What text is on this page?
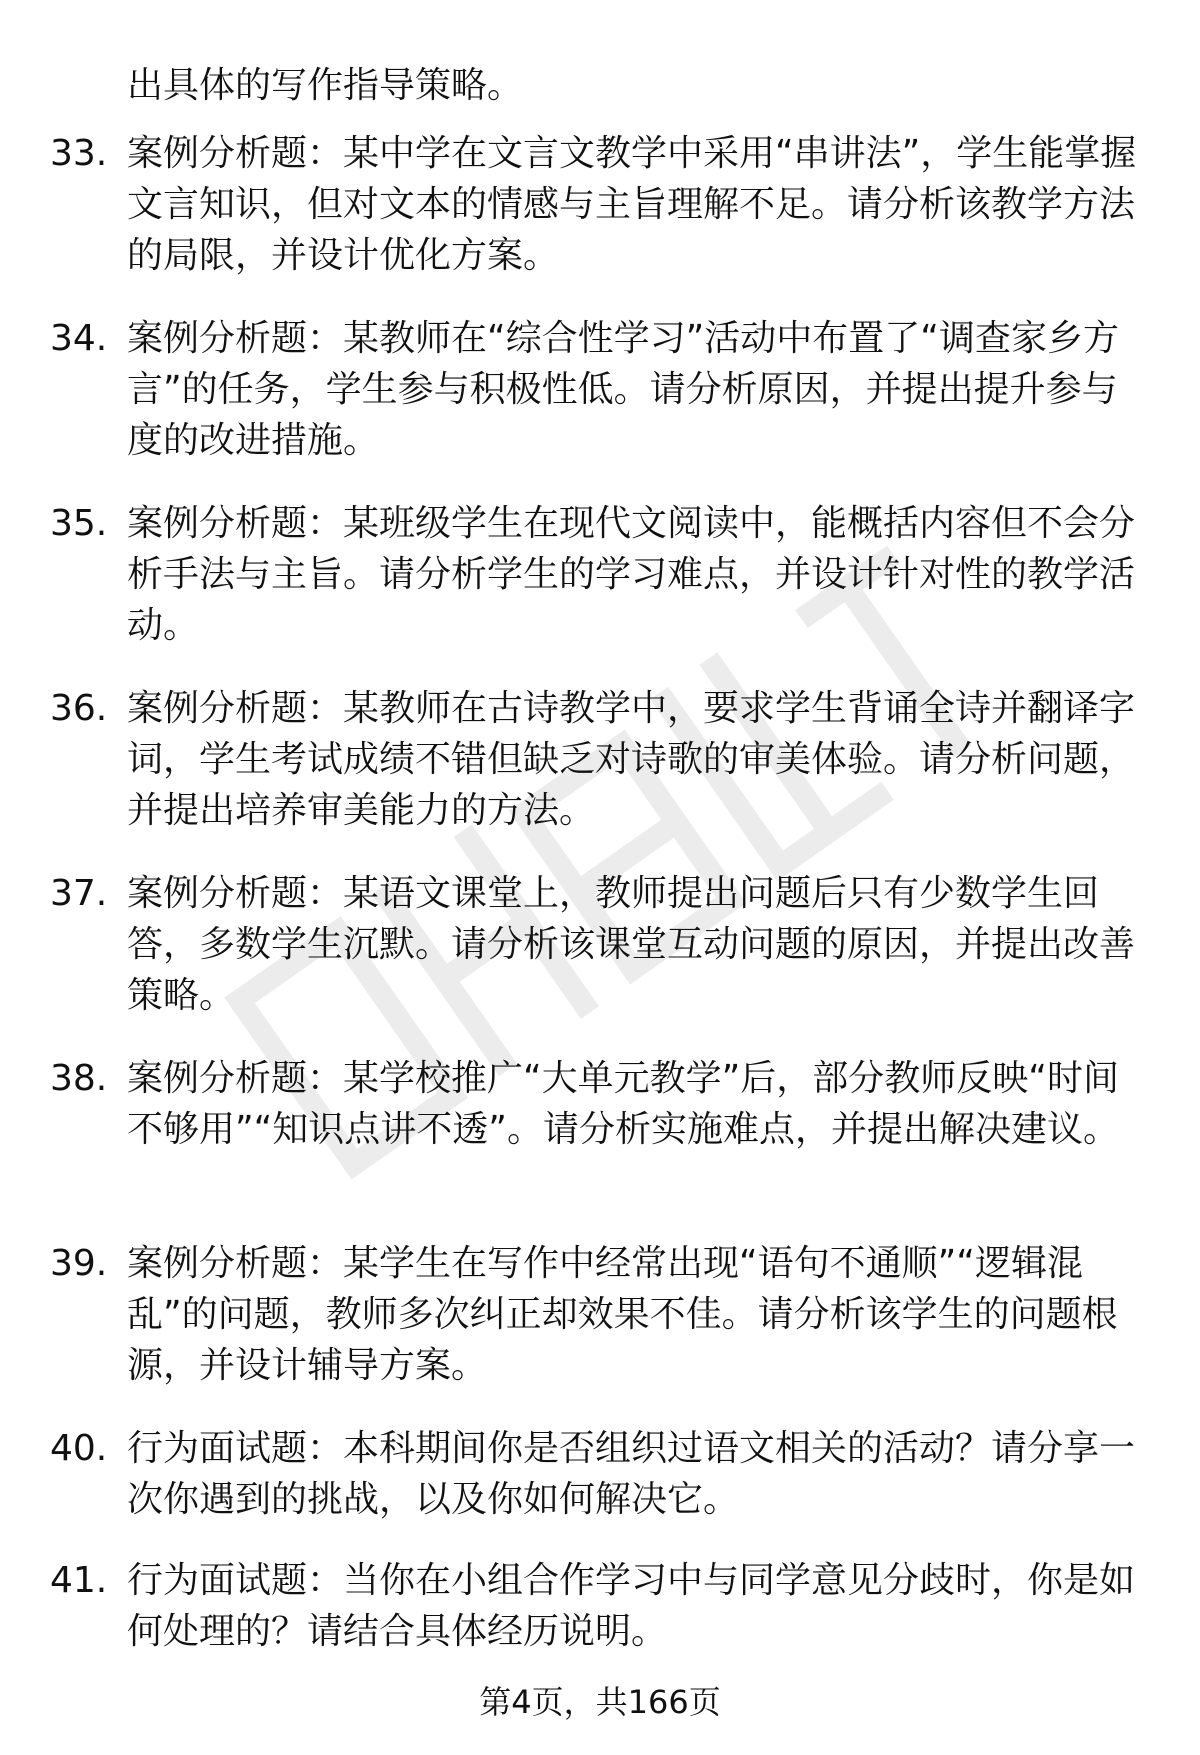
出具体的写作指导策略。

33. 案例分析题：某中学在文言文教学中采用“串讲法”，学生能掌握文言知识，但对文本的情感与主旨理解不足。请分析该教学方法的局限，并设计优化方案。

34. 案例分析题：某教师在“综合性学习”活动中布置了“调查家乡方言”的任务，学生参与积极性低。请分析原因，并提出提升参与度的改进措施。

35. 案例分析题：某班级学生在现代文阅读中，能概括内容但不会分析手法与主旨。请分析学生的学习难点，并设计针对性的教学活动。

36. 案例分析题：某教师在古诗教学中，要求学生背诵全诗并翻译字词，学生考试成绩不错但缺乏对诗歌的审美体验。请分析问题，并提出培养审美能力的方法。

37. 案例分析题：某语文课堂上，教师提出问题后只有少数学生回答，多数学生沉默。请分析该课堂互动问题的原因，并提出改善策略。

38. 案例分析题：某学校推广“大单元教学”后，部分教师反映“时间不够用”“知识点讲不透”。请分析实施难点，并提出解决建议。

39. 案例分析题：某学生在写作中经常出现“语句不通顺”“逻辑混乱”的问题，教师多次纠正却效果不佳。请分析该学生的问题根源，并设计辅导方案。

40. 行为面试题：本科期间你是否组织过语文相关的活动？请分享一次你遇到的挑战，以及你如何解决它。

41. 行为面试题：当你在小组合作学习中与同学意见分歧时，你是如何处理的？请结合具体经历说明。

第4页，共166页
